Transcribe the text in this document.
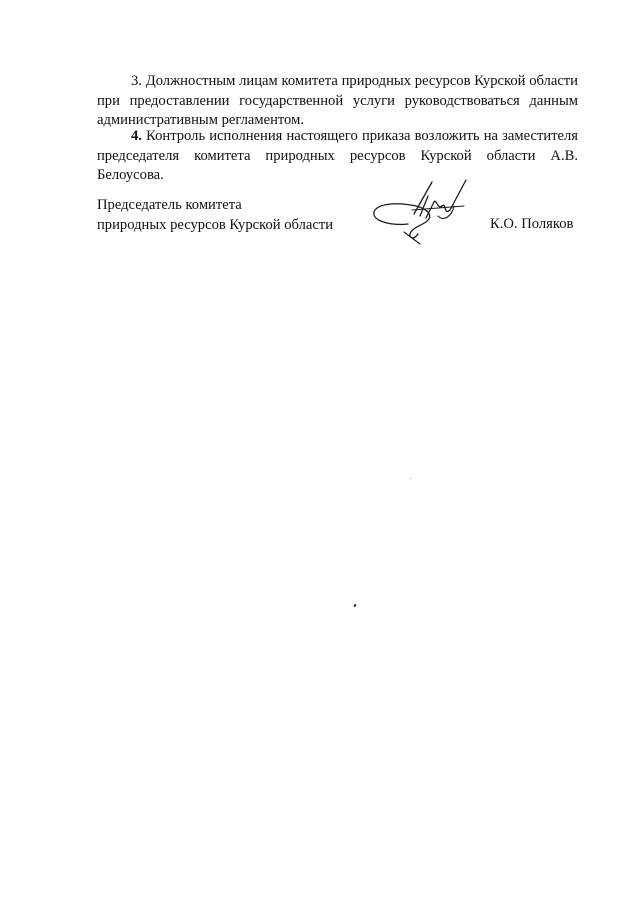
3. Должностным лицам комитета природных ресурсов Курской области при предоставлении государственной услуги руководствоваться данным административным регламентом.

4. Контроль исполнения настоящего приказа возложить на заместителя председателя комитета природных ресурсов Курской области А.В. Белоусова.

Председатель комитета
природных ресурсов Курской области	К.О. Поляков
